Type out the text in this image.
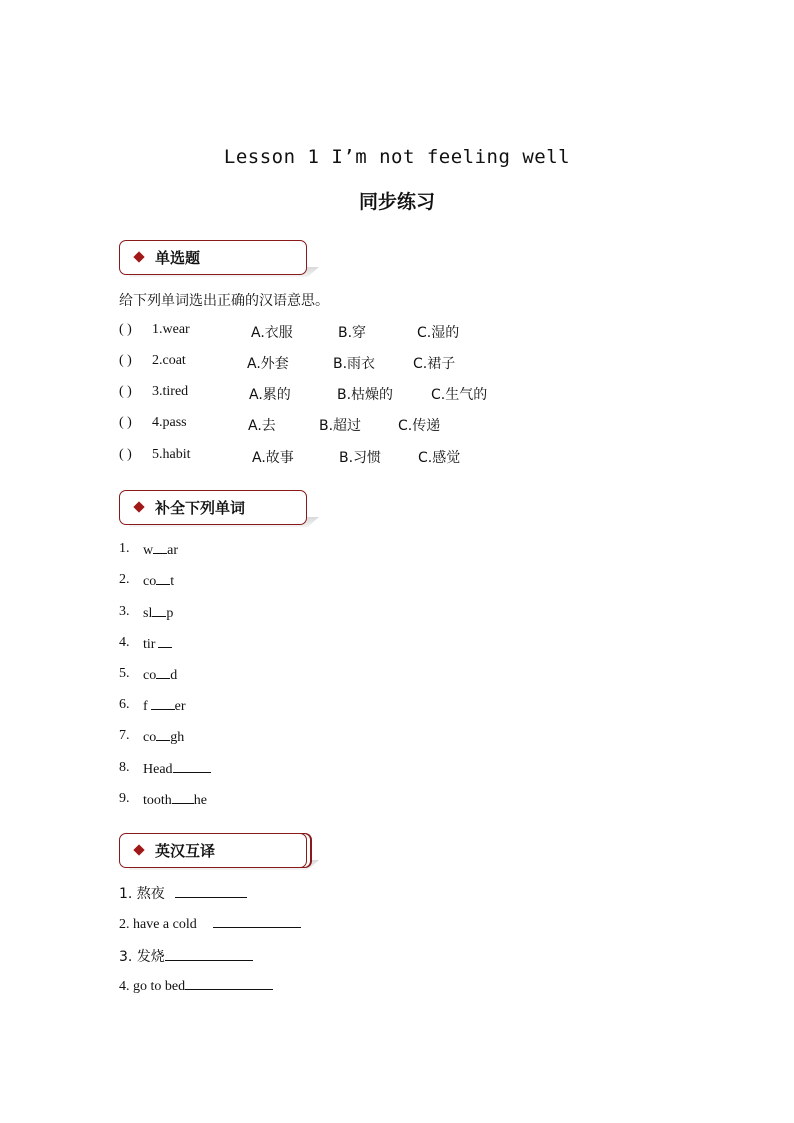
Lesson 1 I’m not feeling well
同步练习
单选题
给下列单词选出正确的汉语意思。
( ) 1.wear	A.衣服	B.穿	C.湿的
( ) 2.coat	A.外套	B.雨衣	C.裙子
( ) 3.tired	A.累的	B.枯燥的	C.生气的
( ) 4.pass	A.去	B.超过	C.传递
( ) 5.habit	A.故事	B.习惯	C.感觉
补全下列单词
1. w ar
2. co t
3. sl p
4. tir
5. co d
6. f er
7. co gh
8. Head
9. tooth he
英汉互译
1. 熬夜
2. have a cold
3. 发烧
4. go to bed
